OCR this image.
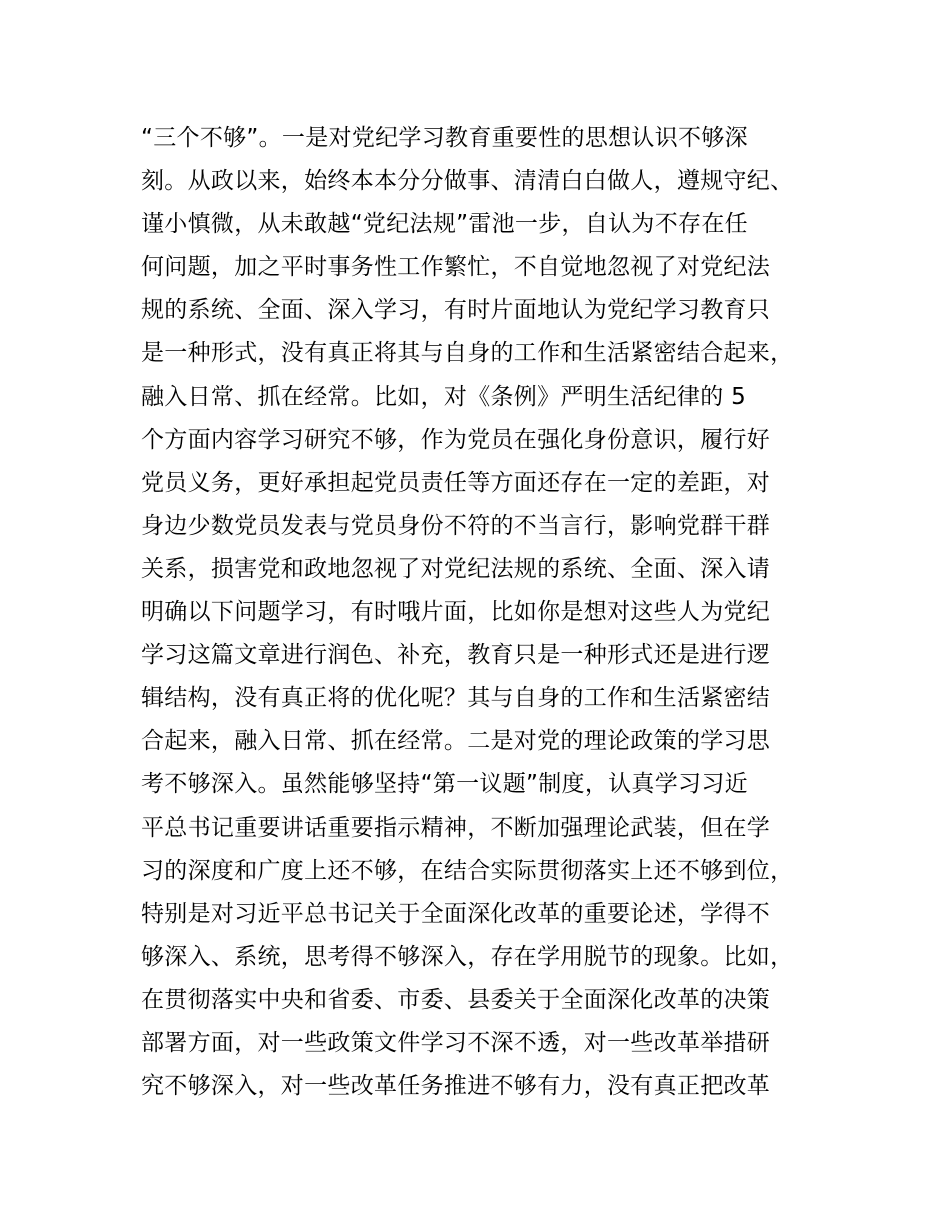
“三个不够”。一是对党纪学习教育重要性的思想认识不够深
刻。从政以来，始终本本分分做事、清清白白做人，遵规守纪、
谨小慎微，从未敢越“党纪法规”雷池一步，自认为不存在任
何问题，加之平时事务性工作繁忙，不自觉地忽视了对党纪法
规的系统、全面、深入学习，有时片面地认为党纪学习教育只
是一种形式，没有真正将其与自身的工作和生活紧密结合起来，
融入日常、抓在经常。比如，对《条例》严明生活纪律的 5
个方面内容学习研究不够，作为党员在强化身份意识，履行好
党员义务，更好承担起党员责任等方面还存在一定的差距，对
身边少数党员发表与党员身份不符的不当言行，影响党群干群
关系，损害党和政地忽视了对党纪法规的系统、全面、深入请
明确以下问题学习，有时哦片面，比如你是想对这些人为党纪
学习这篇文章进行润色、补充，教育只是一种形式还是进行逻
辑结构，没有真正将的优化呢？其与自身的工作和生活紧密结
合起来，融入日常、抓在经常。二是对党的理论政策的学习思
考不够深入。虽然能够坚持“第一议题”制度，认真学习习近
平总书记重要讲话重要指示精神，不断加强理论武装，但在学
习的深度和广度上还不够，在结合实际贯彻落实上还不够到位，
特别是对习近平总书记关于全面深化改革的重要论述，学得不
够深入、系统，思考得不够深入，存在学用脱节的现象。比如，
在贯彻落实中央和省委、市委、县委关于全面深化改革的决策
部署方面，对一些政策文件学习不深不透，对一些改革举措研
究不够深入，对一些改革任务推进不够有力，没有真正把改革
